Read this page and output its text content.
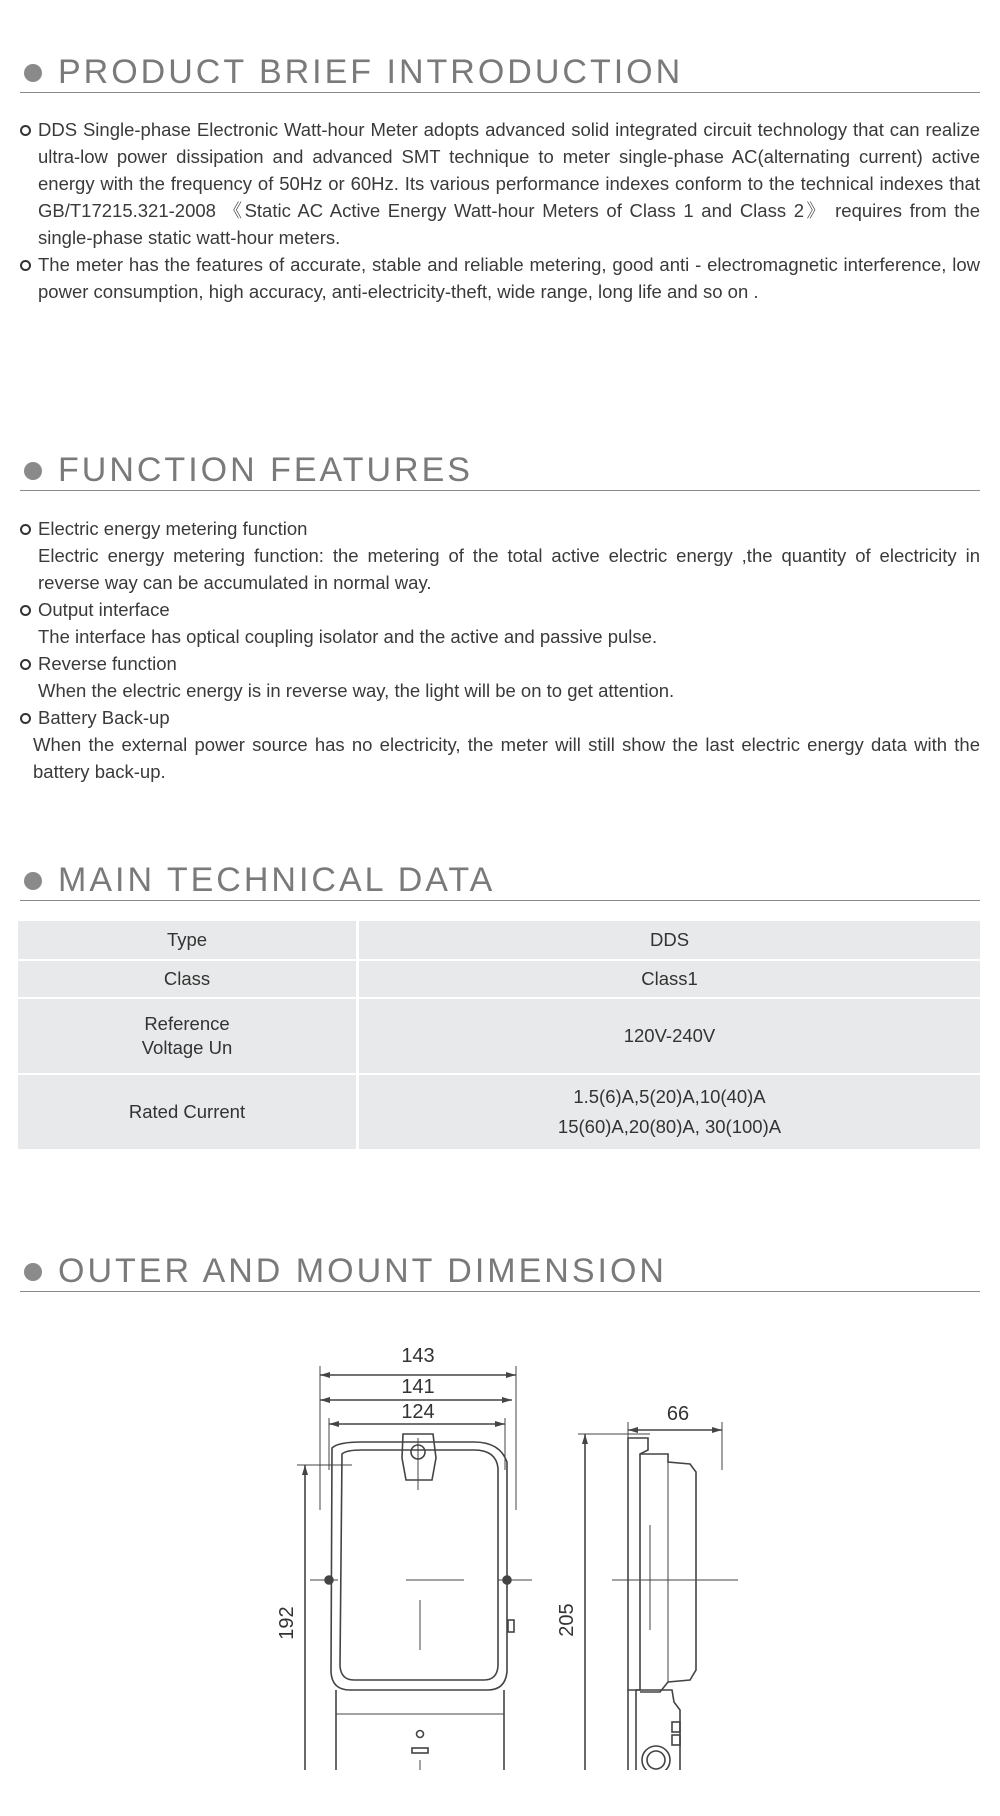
PRODUCT BRIEF INTRODUCTION
DDS Single-phase Electronic Watt-hour Meter adopts advanced solid integrated circuit technology that can realize ultra-low power dissipation and advanced SMT technique to meter single-phase AC(alternating current) active energy with the frequency of 50Hz or 60Hz. Its various performance indexes conform to the technical indexes that GB/T17215.321-2008 《Static AC Active Energy Watt-hour Meters of Class 1 and Class 2》 requires from the single-phase static watt-hour meters.
The meter has the features of accurate, stable and reliable metering, good anti - electromagnetic interference, low power consumption, high accuracy, anti-electricity-theft, wide range, long life and so on .
FUNCTION FEATURES
Electric energy metering function
Electric energy metering function: the metering of the total active electric energy ,the quantity of electricity in reverse way can be accumulated in normal way.
Output interface
The interface has optical coupling isolator and the active and passive pulse.
Reverse function
When the electric energy is in reverse way, the light will be on to get attention.
Battery Back-up
When the external power source has no electricity, the meter will still show the last electric energy data with the battery back-up.
MAIN TECHNICAL DATA
Type	DDS
Class	Class1
Reference
Voltage Un	120V-240V
Rated Current	1.5(6)A,5(20)A,10(40)A
15(60)A,20(80)A, 30(100)A
OUTER AND MOUNT DIMENSION
143
141
124
192
66
205
